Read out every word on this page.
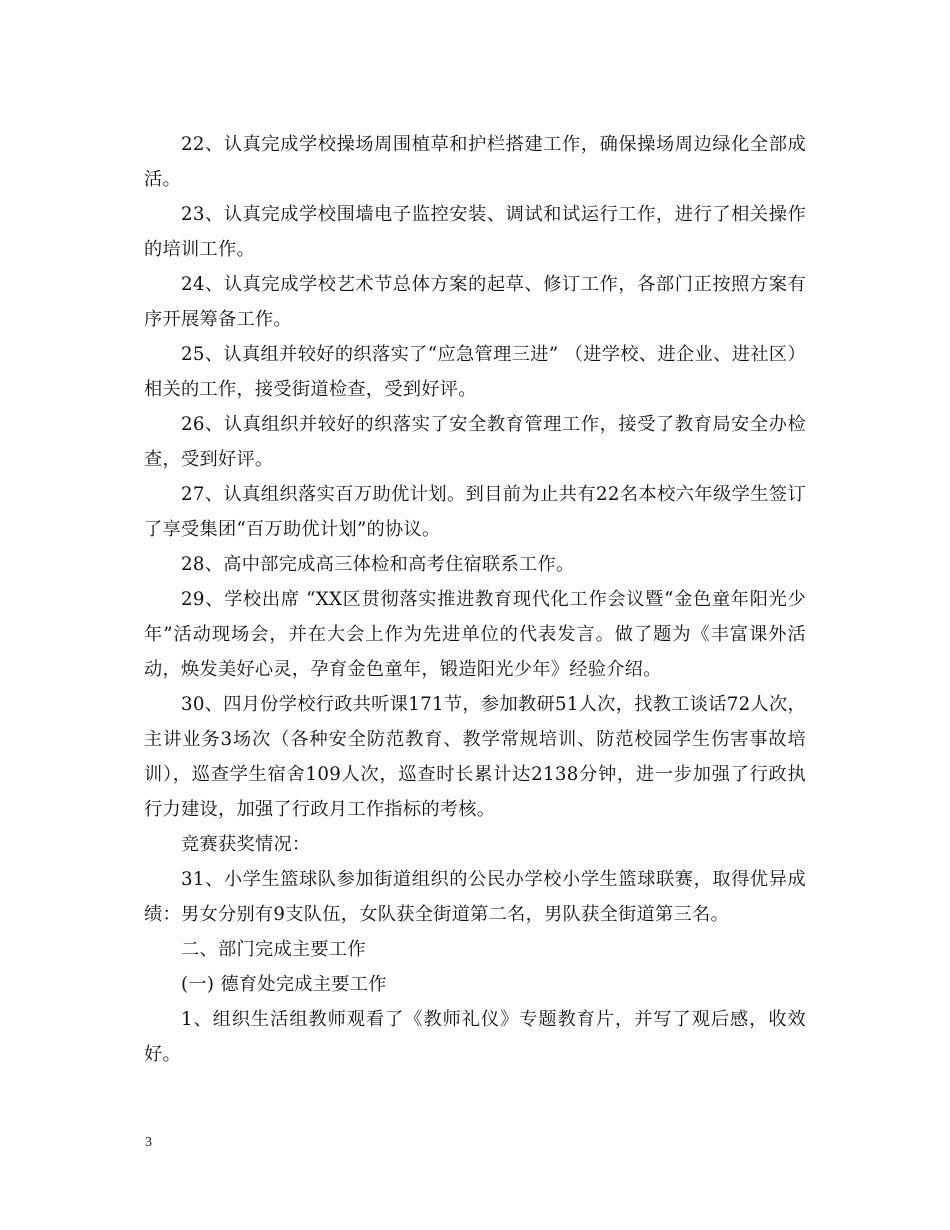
22、认真完成学校操场周围植草和护栏搭建工作，确保操场周边绿化全部成活。

23、认真完成学校围墙电子监控安装、调试和试运行工作，进行了相关操作的培训工作。

24、认真完成学校艺术节总体方案的起草、修订工作，各部门正按照方案有序开展筹备工作。

25、认真组并较好的织落实了“应急管理三进” （进学校、进企业、进社区）相关的工作，接受街道检查，受到好评。

26、认真组织并较好的织落实了安全教育管理工作，接受了教育局安全办检查，受到好评。

27、认真组织落实百万助优计划。到目前为止共有22名本校六年级学生签订了享受集团“百万助优计划”的协议。

28、高中部完成高三体检和高考住宿联系工作。

29、学校出席 “XX区贯彻落实推进教育现代化工作会议暨“金色童年阳光少年”活动现场会，并在大会上作为先进单位的代表发言。做了题为《丰富课外活动，焕发美好心灵，孕育金色童年，锻造阳光少年》经验介绍。

30、四月份学校行政共听课171节，参加教研51人次，找教工谈话72人次，主讲业务3场次（各种安全防范教育、教学常规培训、防范校园学生伤害事故培训），巡查学生宿舍109人次，巡查时长累计达2138分钟，进一步加强了行政执行力建设，加强了行政月工作指标的考核。

竞赛获奖情况：

31、小学生篮球队参加街道组织的公民办学校小学生篮球联赛，取得优异成绩：男女分别有9支队伍，女队获全街道第二名，男队获全街道第三名。

二、部门完成主要工作

(一) 德育处完成主要工作

1、组织生活组教师观看了《教师礼仪》专题教育片，并写了观后感，收效好。

3
